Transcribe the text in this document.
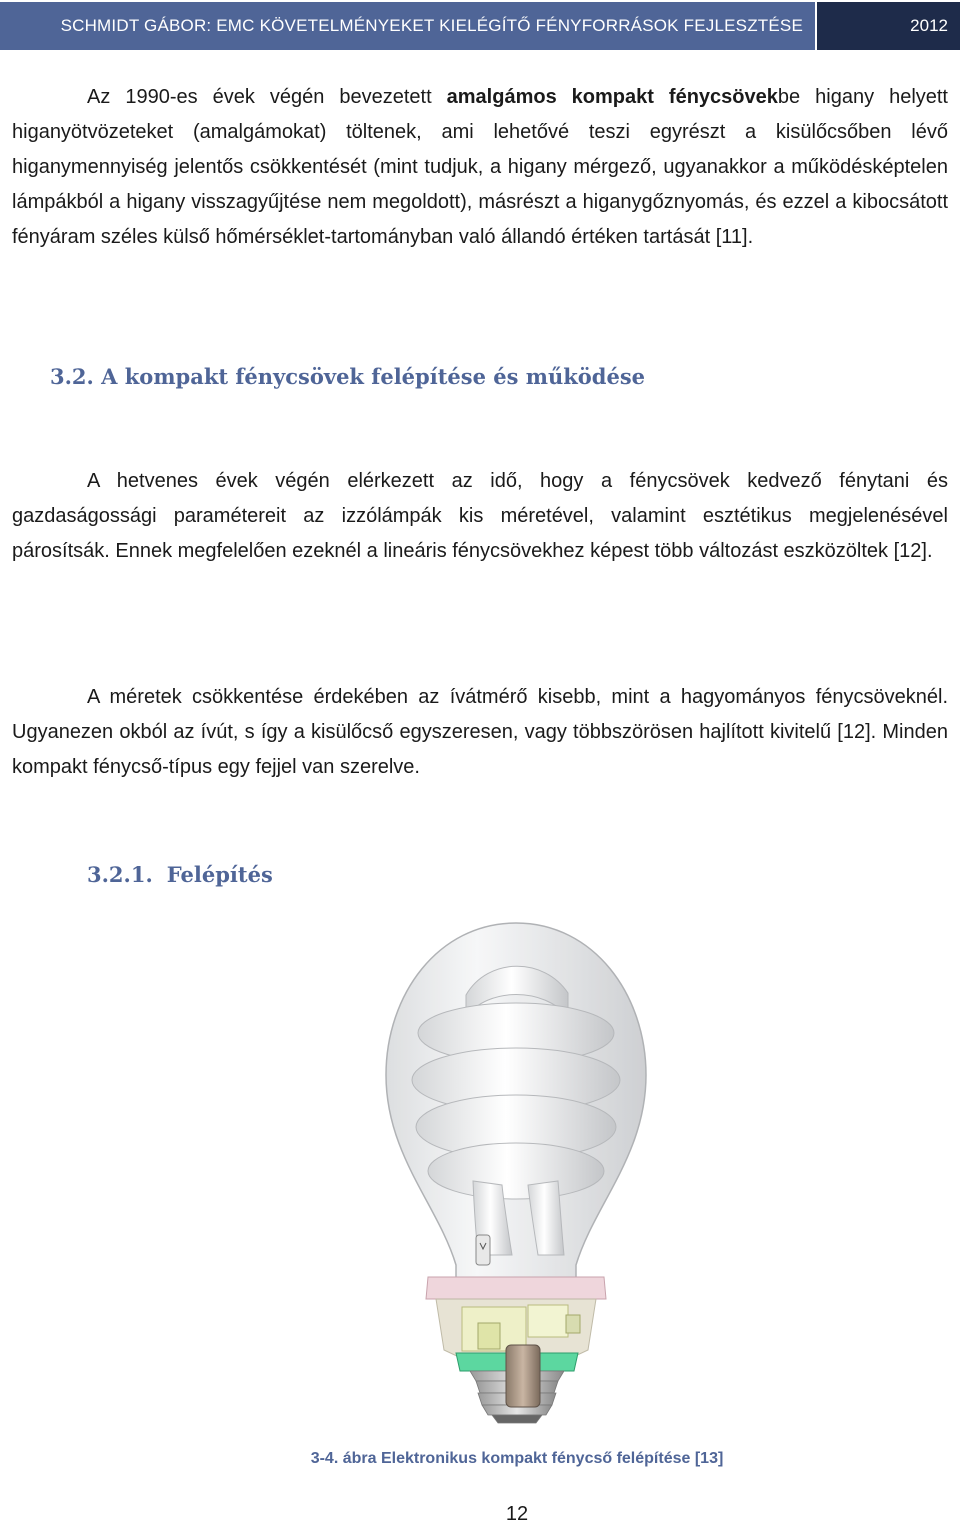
SCHMIDT GÁBOR: EMC KÖVETELMÉNYEKET KIELÉGÍTŐ FÉNYFORRÁSOK FEJLESZTÉSE	2012

Az 1990-es évek végén bevezetett amalgámos kompakt fénycsövekbe higany helyett higanyötvözeteket (amalgámokat) töltenek, ami lehetővé teszi egyrészt a kisülőcsőben lévő higanymennyiség jelentős csökkentését (mint tudjuk, a higany mérgező, ugyanakkor a működésképtelen lámpákból a higany visszagyűjtése nem megoldott), másrészt a higanygőznyomás, és ezzel a kibocsátott fényáram széles külső hőmérséklet-tartományban való állandó értéken tartását [11].

3.2. A kompakt fénycsövek felépítése és működése

A hetvenes évek végén elérkezett az idő, hogy a fénycsövek kedvező fénytani és gazdaságossági paramétereit az izzólámpák kis méretével, valamint esztétikus megjelenésével párosítsák. Ennek megfelelően ezeknél a lineáris fénycsövekhez képest több változást eszközöltek [12].

A méretek csökkentése érdekében az ívátmérő kisebb, mint a hagyományos fénycsöveknél. Ugyanezen okból az ívút, s így a kisülőcső egyszeresen, vagy többszörösen hajlított kivitelű [12]. Minden kompakt fénycső-típus egy fejjel van szerelve.

3.2.1. Felépítés
3-4. ábra Elektronikus kompakt fénycső felépítése [13]
12
